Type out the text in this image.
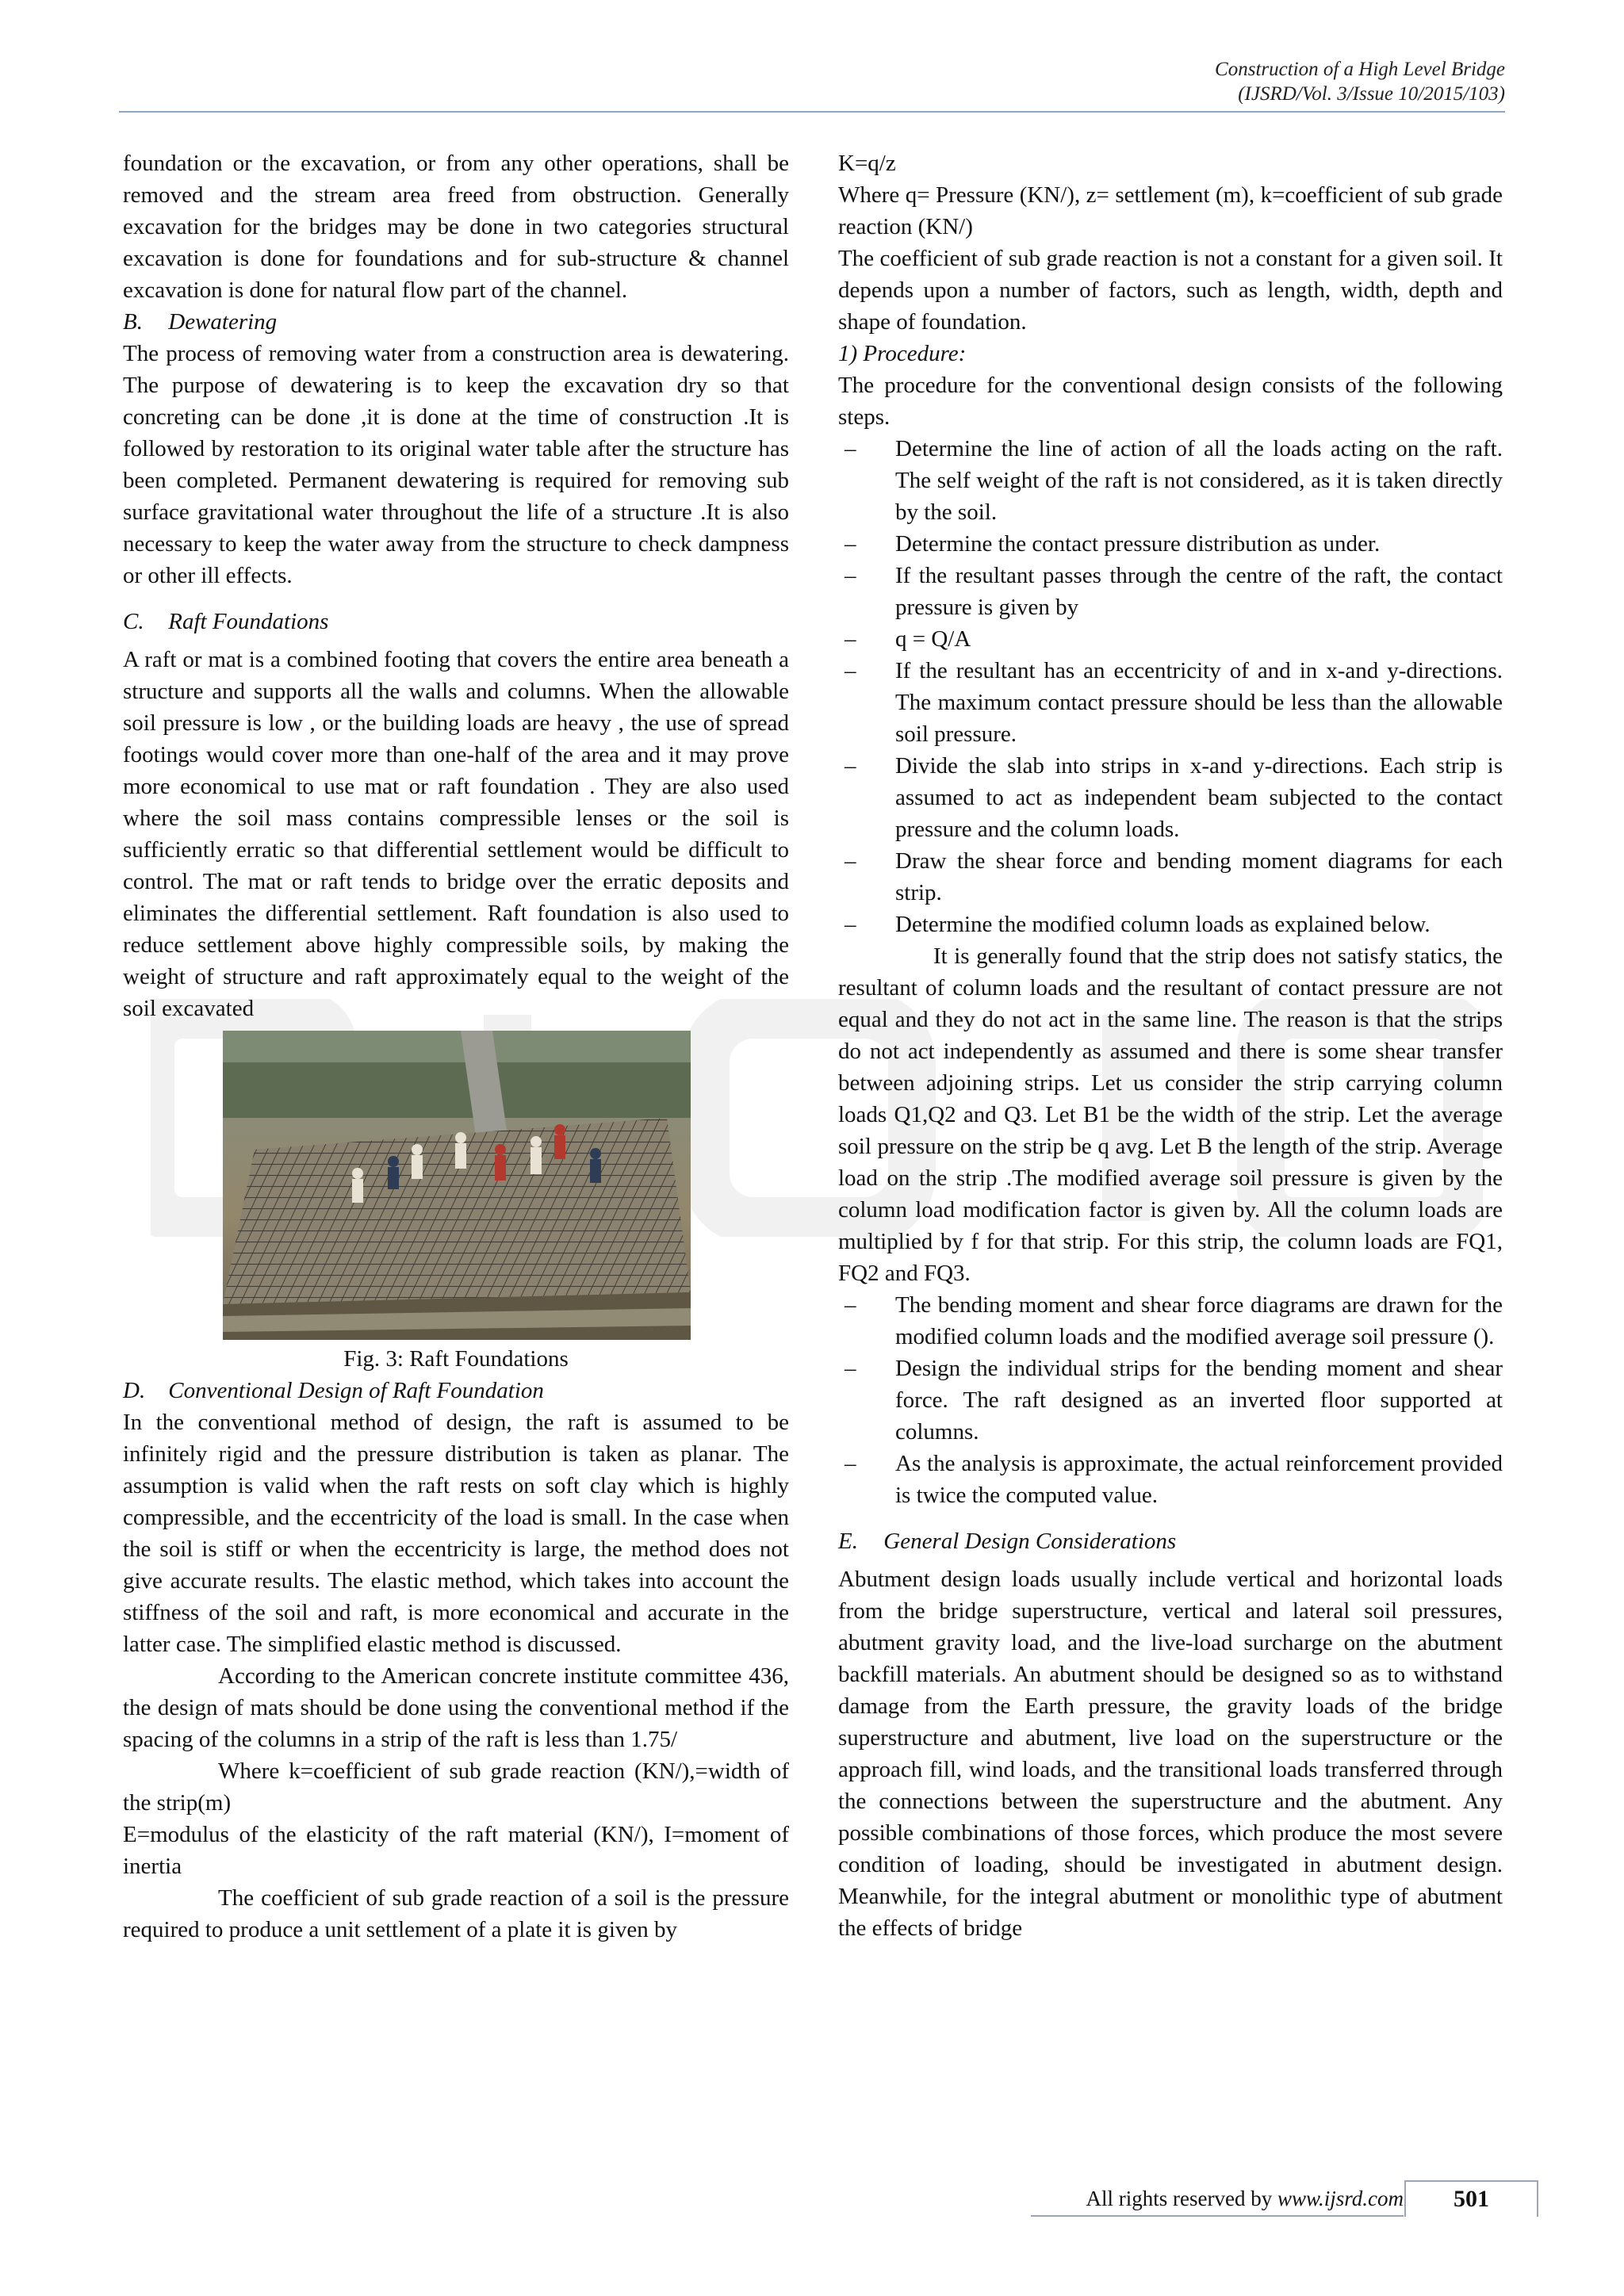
Construction of a High Level Bridge
(IJSRD/Vol. 3/Issue 10/2015/103)

foundation or the excavation, or from any other operations, shall be removed and the stream area freed from obstruction. Generally excavation for the bridges may be done in two categories structural excavation is done for foundations and for sub-structure & channel excavation is done for natural flow part of the channel.

B. Dewatering

The process of removing water from a construction area is dewatering. The purpose of dewatering is to keep the excavation dry so that concreting can be done ,it is done at the time of construction .It is followed by restoration to its original water table after the structure has been completed. Permanent dewatering is required for removing sub surface gravitational water throughout the life of a structure .It is also necessary to keep the water away from the structure to check dampness or other ill effects.

C. Raft Foundations

A raft or mat is a combined footing that covers the entire area beneath a structure and supports all the walls and columns. When the allowable soil pressure is low , or the building loads are heavy , the use of spread footings would cover more than one-half of the area and it may prove more economical to use mat or raft foundation . They are also used where the soil mass contains compressible lenses or the soil is sufficiently erratic so that differential settlement would be difficult to control. The mat or raft tends to bridge over the erratic deposits and eliminates the differential settlement. Raft foundation is also used to reduce settlement above highly compressible soils, by making the weight of structure and raft approximately equal to the weight of the soil excavated

Fig. 3: Raft Foundations

D. Conventional Design of Raft Foundation

In the conventional method of design, the raft is assumed to be infinitely rigid and the pressure distribution is taken as planar. The assumption is valid when the raft rests on soft clay which is highly compressible, and the eccentricity of the load is small. In the case when the soil is stiff or when the eccentricity is large, the method does not give accurate results. The elastic method, which takes into account the stiffness of the soil and raft, is more economical and accurate in the latter case. The simplified elastic method is discussed.

According to the American concrete institute committee 436, the design of mats should be done using the conventional method if the spacing of the columns in a strip of the raft is less than 1.75/

Where k=coefficient of sub grade reaction (KN/),=width of the strip(m)

E=modulus of the elasticity of the raft material (KN/), I=moment of inertia

The coefficient of sub grade reaction of a soil is the pressure required to produce a unit settlement of a plate it is given by

K=q/z

Where q= Pressure (KN/), z= settlement (m), k=coefficient of sub grade reaction (KN/)

The coefficient of sub grade reaction is not a constant for a given soil. It depends upon a number of factors, such as length, width, depth and shape of foundation.

1) Procedure:

The procedure for the conventional design consists of the following steps.

– Determine the line of action of all the loads acting on the raft. The self weight of the raft is not considered, as it is taken directly by the soil.
– Determine the contact pressure distribution as under.
– If the resultant passes through the centre of the raft, the contact pressure is given by
– q = Q/A
– If the resultant has an eccentricity of and in x-and y-directions. The maximum contact pressure should be less than the allowable soil pressure.
– Divide the slab into strips in x-and y-directions. Each strip is assumed to act as independent beam subjected to the contact pressure and the column loads.
– Draw the shear force and bending moment diagrams for each strip.
– Determine the modified column loads as explained below.

It is generally found that the strip does not satisfy statics, the resultant of column loads and the resultant of contact pressure are not equal and they do not act in the same line. The reason is that the strips do not act independently as assumed and there is some shear transfer between adjoining strips. Let us consider the strip carrying column loads Q1,Q2 and Q3. Let B1 be the width of the strip. Let the average soil pressure on the strip be q avg. Let B the length of the strip. Average load on the strip .The modified average soil pressure is given by the column load modification factor is given by. All the column loads are multiplied by f for that strip. For this strip, the column loads are FQ1, FQ2 and FQ3.

– The bending moment and shear force diagrams are drawn for the modified column loads and the modified average soil pressure ().
– Design the individual strips for the bending moment and shear force. The raft designed as an inverted floor supported at columns.
– As the analysis is approximate, the actual reinforcement provided is twice the computed value.

E. General Design Considerations

Abutment design loads usually include vertical and horizontal loads from the bridge superstructure, vertical and lateral soil pressures, abutment gravity load, and the live-load surcharge on the abutment backfill materials. An abutment should be designed so as to withstand damage from the Earth pressure, the gravity loads of the bridge superstructure and abutment, live load on the superstructure or the approach fill, wind loads, and the transitional loads transferred through the connections between the superstructure and the abutment. Any possible combinations of those forces, which produce the most severe condition of loading, should be investigated in abutment design. Meanwhile, for the integral abutment or monolithic type of abutment the effects of bridge

All rights reserved by www.ijsrd.com	501
